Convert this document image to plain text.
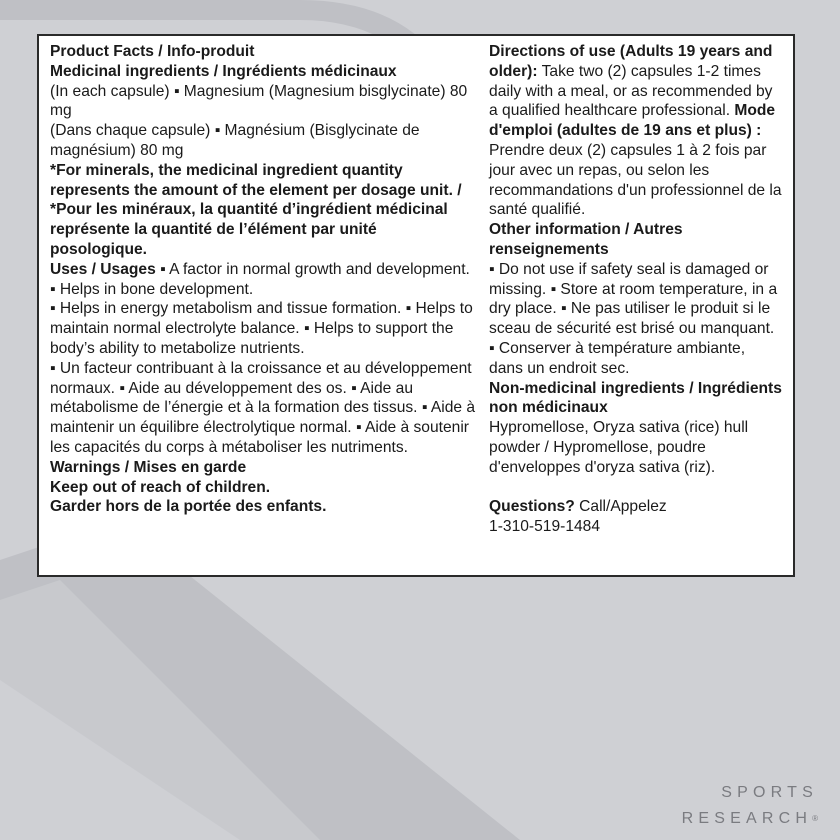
Product Facts / Info-produit
Medicinal ingredients / Ingrédients médicinaux
(In each capsule) ▪ Magnesium (Magnesium bisglycinate) 80 mg
(Dans chaque capsule) ▪ Magnésium (Bisglycinate de magnésium) 80 mg
*For minerals, the medicinal ingredient quantity represents the amount of the element per dosage unit. / *Pour les minéraux, la quantité d’ingrédient médicinal représente la quantité de l’élément par unité posologique.
Uses / Usages ▪ A factor in normal growth and development. ▪ Helps in bone development.
▪ Helps in energy metabolism and tissue formation. ▪ Helps to maintain normal electrolyte balance. ▪ Helps to support the body’s ability to metabolize nutrients.
▪ Un facteur contribuant à la croissance et au développement normaux. ▪ Aide au développement des os. ▪ Aide au métabolisme de l’énergie et à la formation des tissus. ▪ Aide à maintenir un équilibre électrolytique normal. ▪ Aide à soutenir les capacités du corps à métaboliser les nutriments.
Warnings / Mises en garde
Keep out of reach of children.
Garder hors de la portée des enfants.
Directions of use (Adults 19 years and older): Take two (2) capsules 1-2 times daily with a meal, or as recommended by a qualified healthcare professional. Mode d'emploi (adultes de 19 ans et plus) : Prendre deux (2) capsules 1 à 2 fois par jour avec un repas, ou selon les recommandations d'un professionnel de la santé qualifié.
Other information / Autres renseignements
▪ Do not use if safety seal is damaged or missing. ▪ Store at room temperature, in a dry place. ▪ Ne pas utiliser le produit si le sceau de sécurité est brisé ou manquant.
▪ Conserver à température ambiante, dans un endroit sec.
Non-medicinal ingredients / Ingrédients non médicinaux
Hypromellose, Oryza sativa (rice) hull powder / Hypromellose, poudre d'enveloppes d'oryza sativa (riz).
Questions? Call/Appelez
1-310-519-1484
SPORTS
RESEARCH®
